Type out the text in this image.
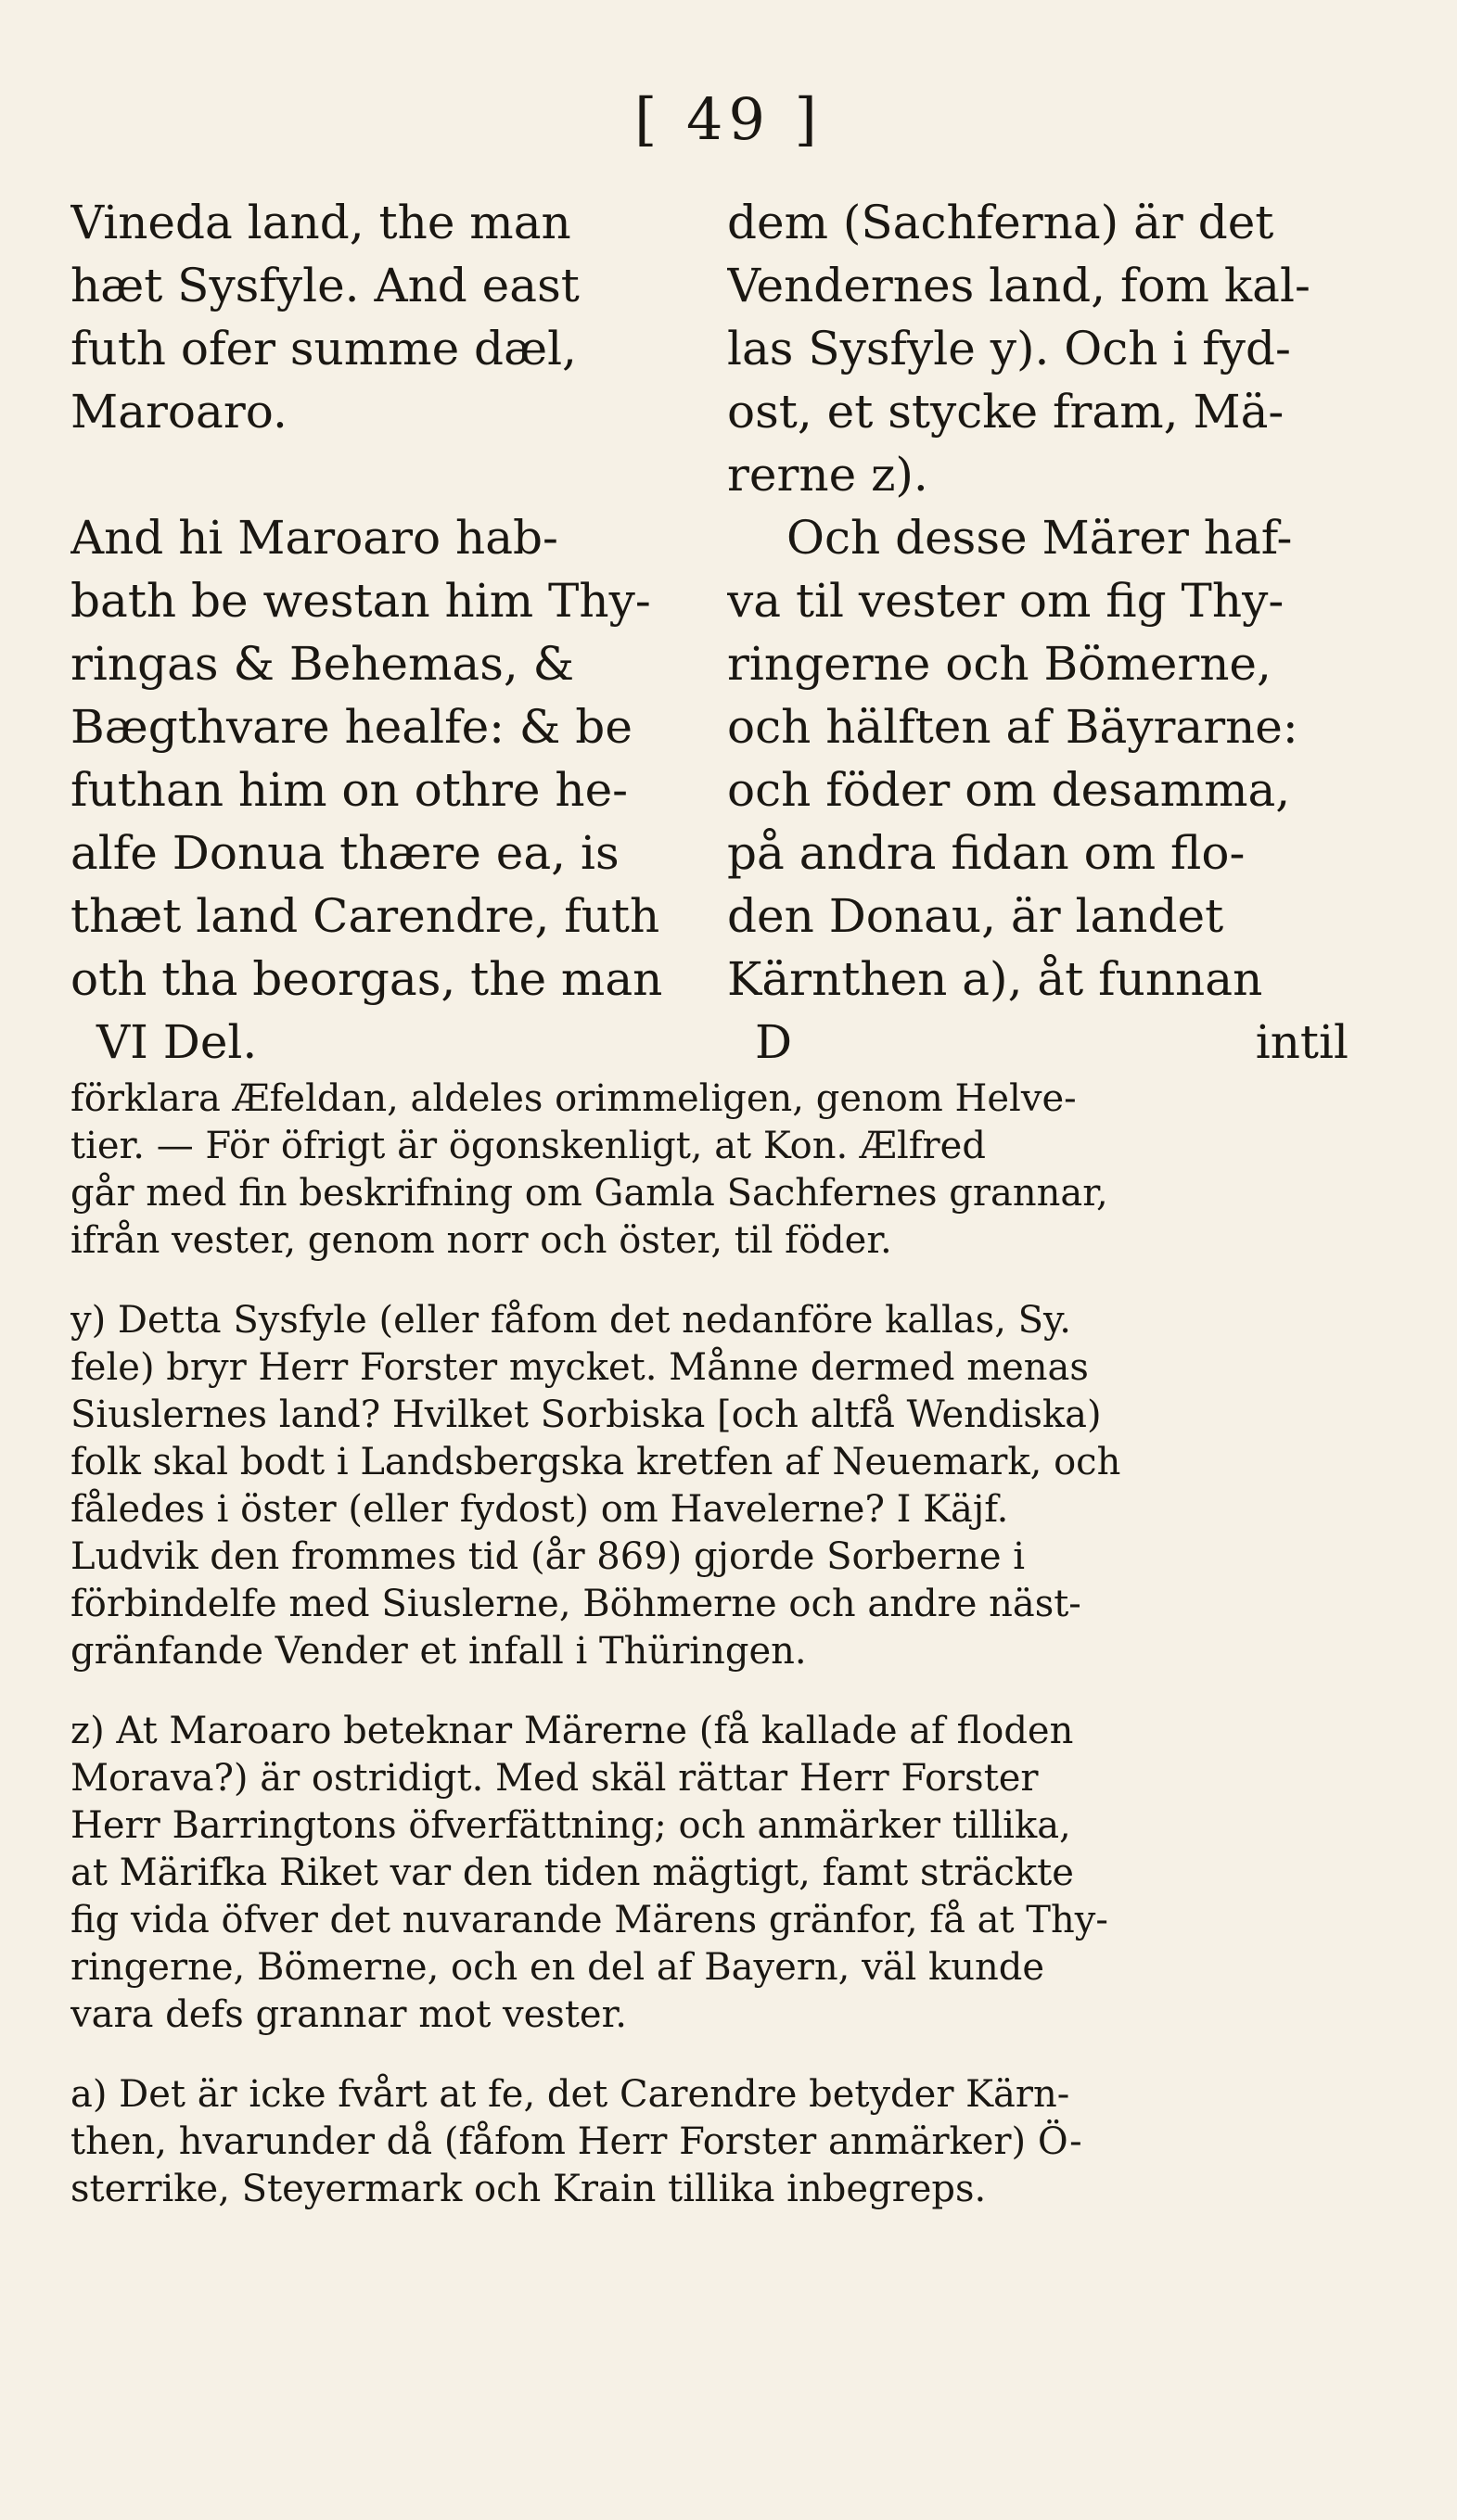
[ 49 ]
Vineda land, the man
hæt Sysfyle. And east
futh ofer summe dæl,
Maroaro.
And hi Maroaro hab-
bath be westan him Thy-
ringas & Behemas, &
Bægthvare healfe: & be
futhan him on othre he-
alfe Donua thære ea, is
thæt land Carendre, futh
oth tha beorgas, the man
VI Del.
dem (Sachferna) är det
Vendernes land, fom kal-
las Sysfyle y). Och i fyd-
ost, et stycke fram, Mä-
rerne z).
Och desse Märer haf-
va til vester om fig Thy-
ringerne och Bömerne,
och hälften af Bäyrarne:
och föder om desamma,
på andra fidan om flo-
den Donau, är landet
Kärnthen a), åt funnan
D	intil
förklara Æfeldan, aldeles orimmeligen, genom Helve-
tier. — För öfrigt är ögonskenligt, at Kon. Ælfred
går med fin beskrifning om Gamla Sachfernes grannar,
ifrån vester, genom norr och öster, til föder.
y) Detta Sysfyle (eller fåfom det nedanföre kallas, Sy.
fele) bryr Herr Forster mycket. Månne dermed menas
Siuslernes land? Hvilket Sorbiska [och altfå Wendiska)
folk skal bodt i Landsbergska kretfen af Neuemark, och
fåledes i öster (eller fydost) om Havelerne? I Käjf.
Ludvik den frommes tid (år 869) gjorde Sorberne i
förbindelfe med Siuslerne, Böhmerne och andre näst-
gränfande Vender et infall i Thüringen.
z) At Maroaro beteknar Märerne (få kallade af floden
Morava?) är ostridigt. Med skäl rättar Herr Forster
Herr Barringtons öfverfättning; och anmärker tillika,
at Märifka Riket var den tiden mägtigt, famt sträckte
fig vida öfver det nuvarande Märens gränfor, få at Thy-
ringerne, Bömerne, och en del af Bayern, väl kunde
vara defs grannar mot vester.
a) Det är icke fvårt at fe, det Carendre betyder Kärn-
then, hvarunder då (fåfom Herr Forster anmärker) Ö-
sterrike, Steyermark och Krain tillika inbegreps.
